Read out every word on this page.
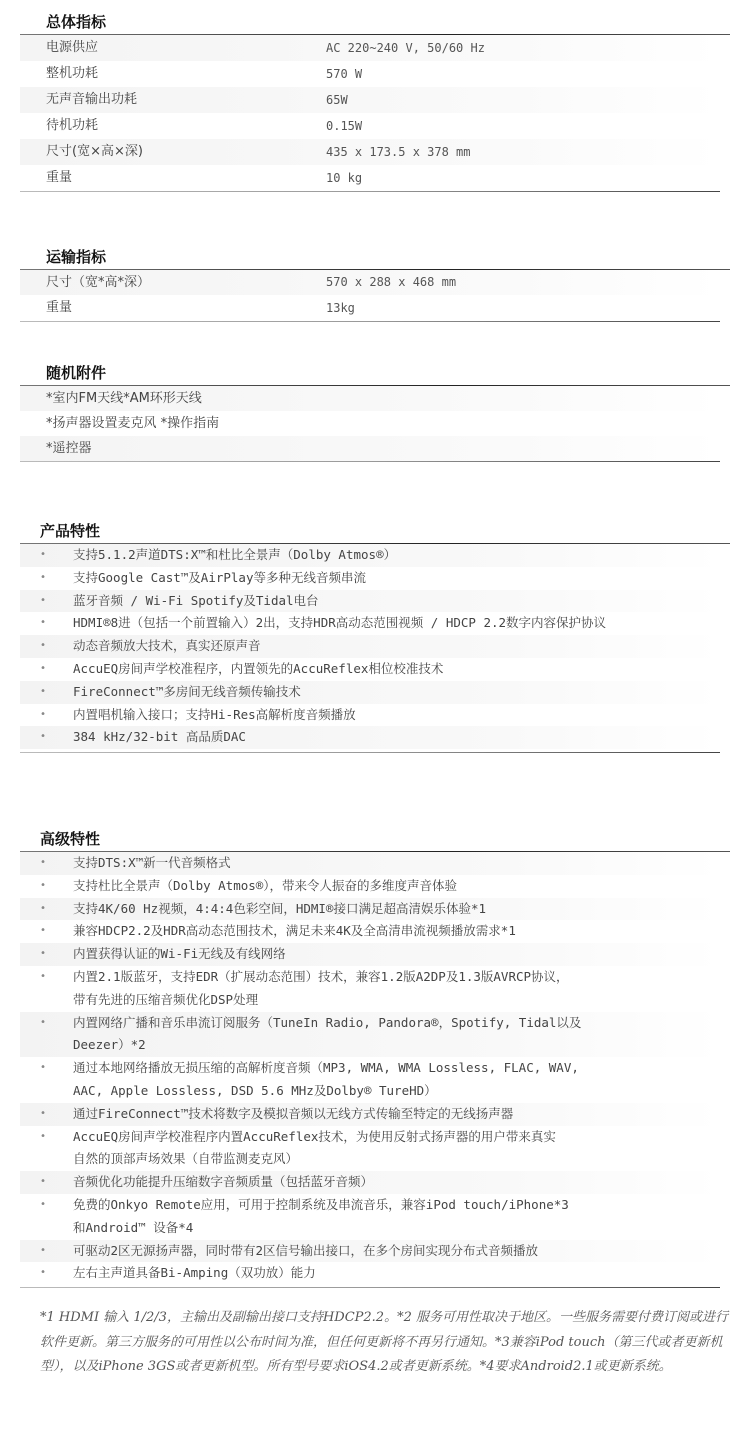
总体指标
电源供应	AC 220~240 V, 50/60 Hz
整机功耗	570 W
无声音输出功耗	65W
待机功耗	0.15W
尺寸(宽×高×深)	435 x 173.5 x 378 mm
重量	10 kg
运输指标
尺寸（宽*高*深）	570 x 288 x 468 mm
重量	13kg
随机附件
*室内FM天线*AM环形天线
*扬声器设置麦克风 *操作指南
*遥控器
产品特性
•	支持5.1.2声道DTS:X™和杜比全景声（Dolby Atmos®）
•	支持Google Cast™及AirPlay等多种无线音频串流
•	蓝牙音频 / Wi-Fi Spotify及Tidal电台
•	HDMI®8进（包括一个前置输入）2出，支持HDR高动态范围视频 / HDCP 2.2数字内容保护协议
•	动态音频放大技术，真实还原声音
•	AccuEQ房间声学校准程序，内置领先的AccuReflex相位校准技术
•	FireConnect™多房间无线音频传输技术
•	内置唱机输入接口；支持Hi-Res高解析度音频播放
•	384 kHz/32-bit 高品质DAC
高级特性
•	支持DTS:X™新一代音频格式
•	支持杜比全景声（Dolby Atmos®），带来令人振奋的多维度声音体验
•	支持4K/60 Hz视频，4:4:4色彩空间，HDMI®接口满足超高清娱乐体验*1
•	兼容HDCP2.2及HDR高动态范围技术，满足未来4K及全高清串流视频播放需求*1
•	内置获得认证的Wi-Fi无线及有线网络
•	内置2.1版蓝牙，支持EDR（扩展动态范围）技术，兼容1.2版A2DP及1.3版AVRCP协议，
带有先进的压缩音频优化DSP处理
•	内置网络广播和音乐串流订阅服务（TuneIn Radio, Pandora®，Spotify, Tidal以及
Deezer）*2
•	通过本地网络播放无损压缩的高解析度音频（MP3, WMA, WMA Lossless, FLAC, WAV,
AAC, Apple Lossless, DSD 5.6 MHz及Dolby® TureHD）
•	通过FireConnect™技术将数字及模拟音频以无线方式传输至特定的无线扬声器
•	AccuEQ房间声学校准程序内置AccuReflex技术，为使用反射式扬声器的用户带来真实
自然的顶部声场效果（自带监测麦克风）
•	音频优化功能提升压缩数字音频质量（包括蓝牙音频）
•	免费的Onkyo Remote应用，可用于控制系统及串流音乐，兼容iPod touch/iPhone*3
和Android™ 设备*4
•	可驱动2区无源扬声器，同时带有2区信号输出接口，在多个房间实现分布式音频播放
•	左右主声道具备Bi-Amping（双功放）能力
*1 HDMI 输入 1/2/3，主输出及副输出接口支持HDCP2.2。*2 服务可用性取决于地区。一些服务需要付费订阅或进行软件更新。第三方服务的可用性以公布时间为准，但任何更新将不再另行通知。*3兼容iPod touch（第三代或者更新机型），以及iPhone 3GS或者更新机型。所有型号要求iOS4.2或者更新系统。*4要求Android2.1或更新系统。
